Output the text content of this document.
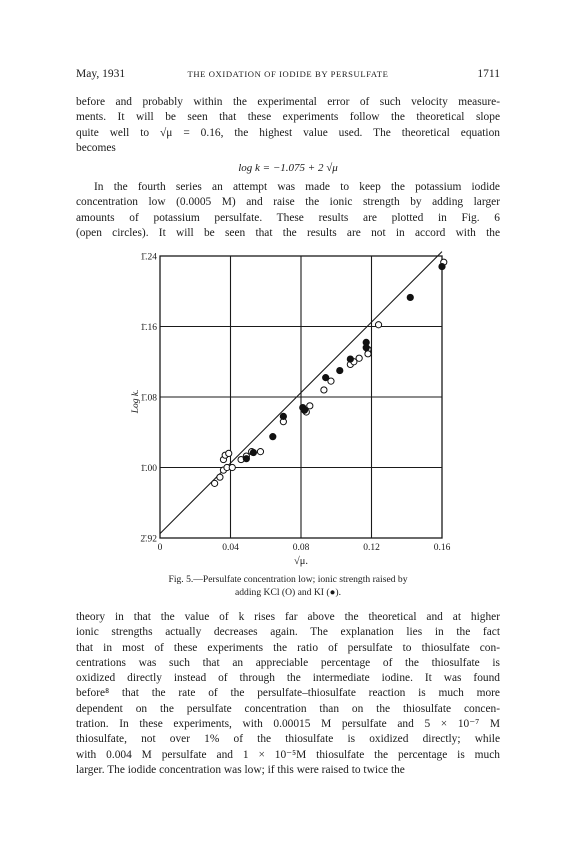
May, 1931	THE OXIDATION OF IODIDE BY PERSULFATE	1711
before and probably within the experimental error of such velocity measure-
ments. It will be seen that these experiments follow the theoretical slope
quite well to √μ = 0.16, the highest value used. The theoretical equation
becomes
log k = −1.075 + 2 √μ
In the fourth series an attempt was made to keep the potassium iodide
concentration low (0.0005 M) and raise the ionic strength by adding larger
amounts of potassium persulfate. These results are plotted in Fig. 6
(open circles). It will be seen that the results are not in accord with the
0	0.04	0.08	0.12	0.16
2̄.92
1̄.00
1̄.08
1̄.16
1̄.24
√μ.
Log k.
Fig. 5.—Persulfate concentration low; ionic strength raised by
adding KCl (O) and KI (●).
theory in that the value of k rises far above the theoretical and at higher
ionic strengths actually decreases again. The explanation lies in the fact
that in most of these experiments the ratio of persulfate to thiosulfate con-
centrations was such that an appreciable percentage of the thiosulfate is
oxidized directly instead of through the intermediate iodine. It was found
before⁸ that the rate of the persulfate–thiosulfate reaction is much more
dependent on the persulfate concentration than on the thiosulfate concen-
tration. In these experiments, with 0.00015 M persulfate and 5 × 10⁻⁷ M
thiosulfate, not over 1% of the thiosulfate is oxidized directly; while
with 0.004 M persulfate and 1 × 10⁻⁵M thiosulfate the percentage is much
larger. The iodide concentration was low; if this were raised to twice the
